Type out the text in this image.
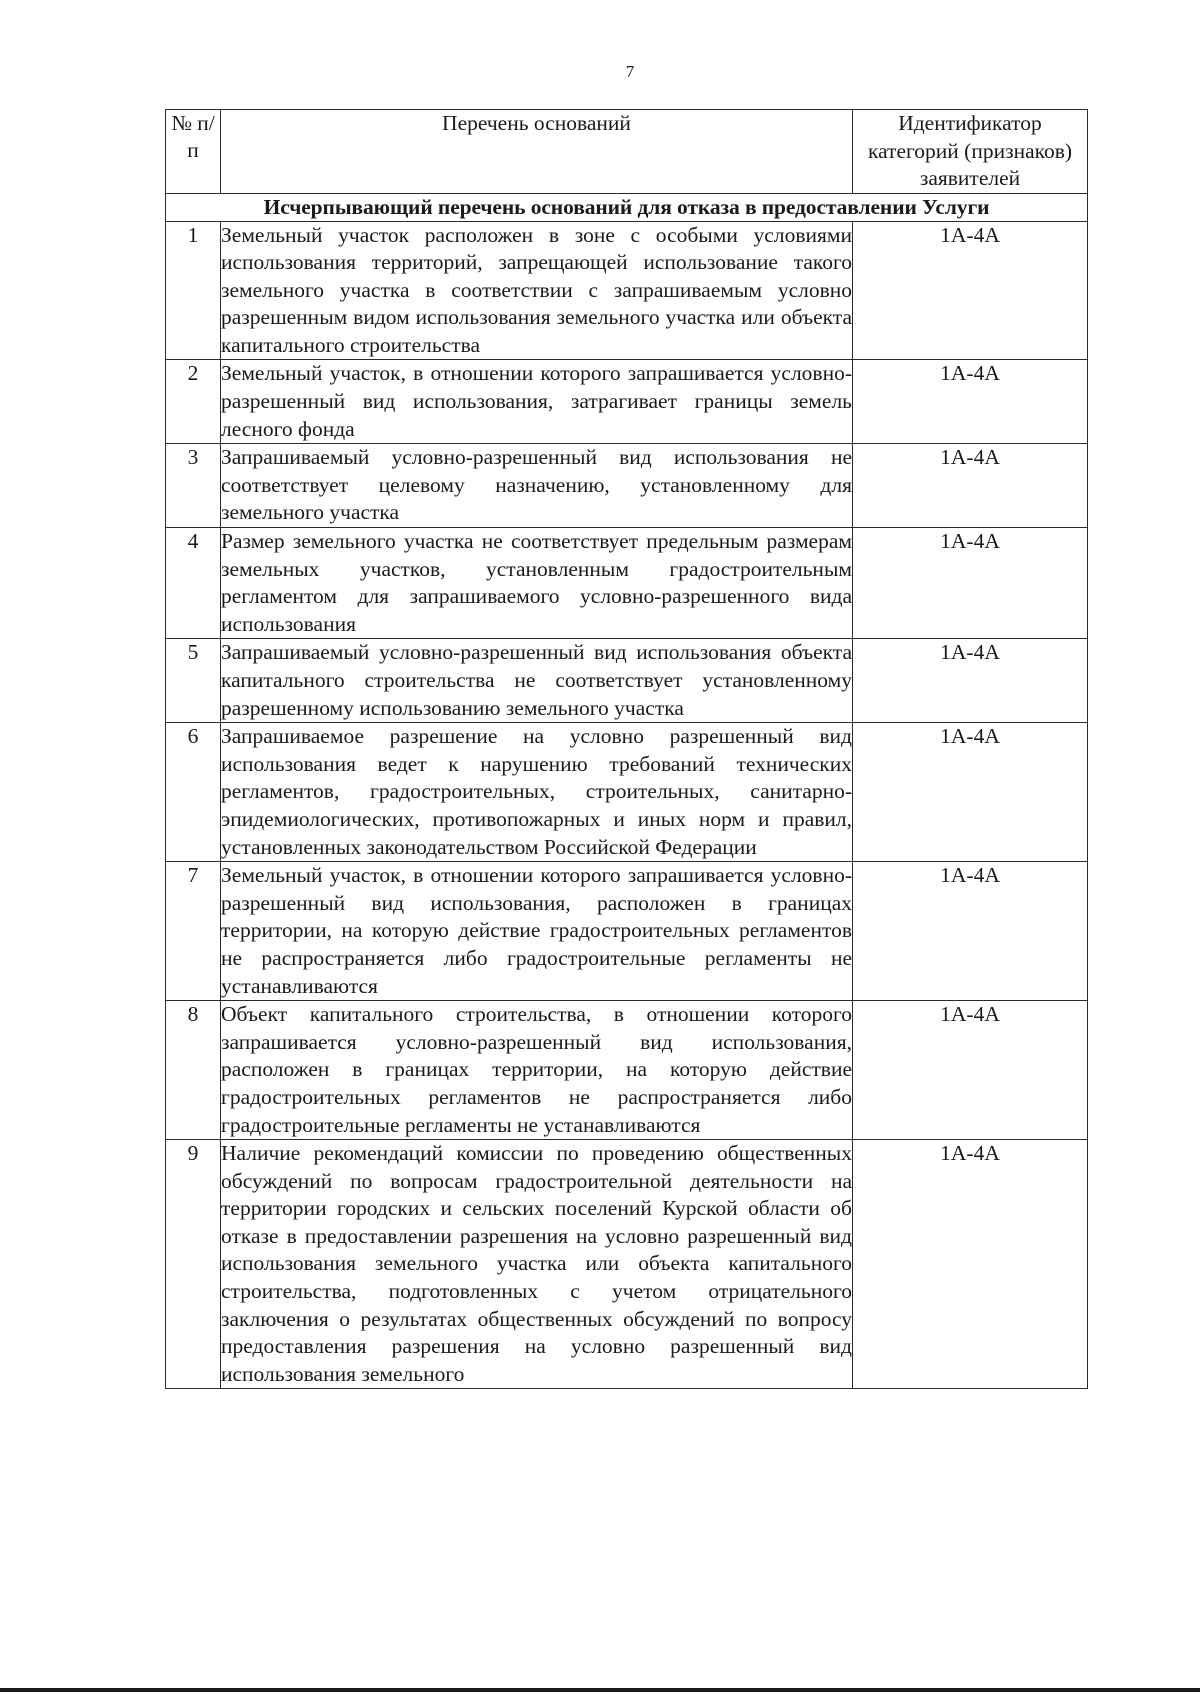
7
№ п/п	Перечень оснований	Идентификатор категорий (признаков) заявителей
Исчерпывающий перечень оснований для отказа в предоставлении Услуги		
1	Земельный участок расположен в зоне с особыми условиями использования территорий, запрещающей использование такого земельного участка в соответствии с запрашиваемым условно разрешенным видом использования земельного участка или объекта капитального строительства	1А-4А
2	Земельный участок, в отношении которого запрашивается условно-разрешенный вид использования, затрагивает границы земель лесного фонда	1А-4А
3	Запрашиваемый условно-разрешенный вид использования не соответствует целевому назначению, установленному для земельного участка	1А-4А
4	Размер земельного участка не соответствует предельным размерам земельных участков, установленным градостроительным регламентом для запрашиваемого условно-разрешенного вида использования	1А-4А
5	Запрашиваемый условно-разрешенный вид использования объекта капитального строительства не соответствует установленному разрешенному использованию земельного участка	1А-4А
6	Запрашиваемое разрешение на условно разрешенный вид использования ведет к нарушению требований технических регламентов, градостроительных, строительных, санитарно-эпидемиологических, противопожарных и иных норм и правил, установленных законодательством Российской Федерации	1А-4А
7	Земельный участок, в отношении которого запрашивается условно-разрешенный вид использования, расположен в границах территории, на которую действие градостроительных регламентов не распространяется либо градостроительные регламенты не устанавливаются	1А-4А
8	Объект капитального строительства, в отношении которого запрашивается условно-разрешенный вид использования, расположен в границах территории, на которую действие градостроительных регламентов не распространяется либо градостроительные регламенты не устанавливаются	1А-4А
9	Наличие рекомендаций комиссии по проведению общественных обсуждений по вопросам градостроительной деятельности на территории городских и сельских поселений Курской области об отказе в предоставлении разрешения на условно разрешенный вид использования земельного участка или объекта капитального строительства, подготовленных с учетом отрицательного заключения о результатах общественных обсуждений по вопросу предоставления разрешения на условно разрешенный вид использования земельного	1А-4А
